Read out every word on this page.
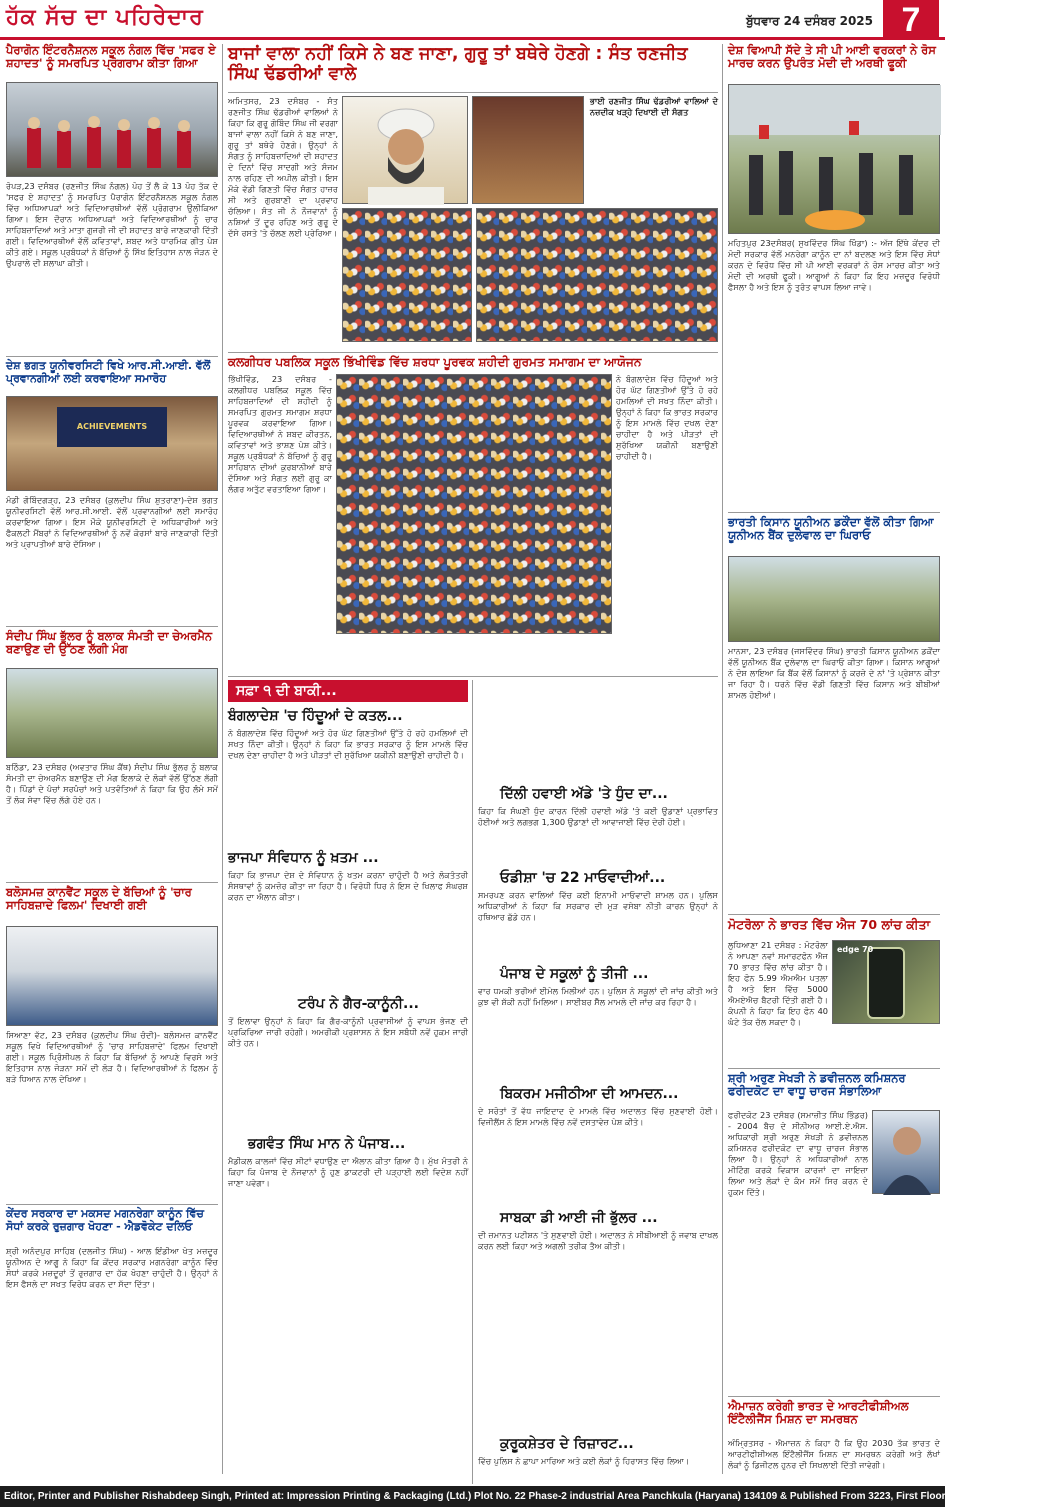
ਹੱਕ ਸੱਚ ਦਾ ਪਹਿਰੇਦਾਰ	ਬੁੱਧਵਾਰ 24 ਦਸੰਬਰ 2025 7
ਪੈਰਾਗੋਨ ਇੰਟਰਨੈਸ਼ਨਲ ਸਕੂਲ ਨੰਗਲ ਵਿੱਚ 'ਸਫਰ ਏ ਸ਼ਹਾਦਤ' ਨੂੰ ਸਮਰਪਿਤ ਪ੍ਰੋਗਰਾਮ ਕੀਤਾ ਗਿਆ
ਰੋਪੜ,23 ਦਸੰਬਰ (ਰਣਜੀਤ ਸਿੰਘ ਨੰਗਲ) ਪੋਹ ਤੋਂ ਲੈ ਕੇ 13 ਪੋਹ ਤੱਕ ਦੇ 'ਸਫਰ ਏ ਸ਼ਹਾਦਤ' ਨੂੰ ਸਮਰਪਿਤ ਪੈਰਾਗੋਨ ਇੰਟਰਨੈਸ਼ਨਲ ਸਕੂਲ ਨੰਗਲ ਵਿੱਚ ਅਧਿਆਪਕਾਂ ਅਤੇ ਵਿਦਿਆਰਥੀਆਂ ਵੱਲੋਂ ਪ੍ਰੋਗਰਾਮ ਉਲੀਕਿਆ ਗਿਆ। ਇਸ ਦੌਰਾਨ ਅਧਿਆਪਕਾਂ ਅਤੇ ਵਿਦਿਆਰਥੀਆਂ ਨੂੰ ਚਾਰ ਸਾਹਿਬਜ਼ਾਦਿਆਂ ਅਤੇ ਮਾਤਾ ਗੁਜਰੀ ਜੀ ਦੀ ਸ਼ਹਾਦਤ ਬਾਰੇ ਜਾਣਕਾਰੀ ਦਿੱਤੀ ਗਈ। ਵਿਦਿਆਰਥੀਆਂ ਵੱਲੋਂ ਕਵਿਤਾਵਾਂ, ਸ਼ਬਦ ਅਤੇ ਧਾਰਮਿਕ ਗੀਤ ਪੇਸ਼ ਕੀਤੇ ਗਏ। ਸਕੂਲ ਪ੍ਰਬੰਧਕਾਂ ਨੇ ਬੱਚਿਆਂ ਨੂੰ ਸਿੱਖ ਇਤਿਹਾਸ ਨਾਲ ਜੋੜਨ ਦੇ ਉਪਰਾਲੇ ਦੀ ਸ਼ਲਾਘਾ ਕੀਤੀ।
ਦੇਸ਼ ਭਗਤ ਯੂਨੀਵਰਸਿਟੀ ਵਿਖੇ ਆਰ.ਸੀ.ਆਈ. ਵੱਲੋਂ ਪ੍ਰਵਾਨਗੀਆਂ ਲਈ ਕਰਵਾਇਆ ਸਮਾਰੋਹ
ACHIEVEMENTS
ਮੰਡੀ ਗੋਬਿੰਦਗੜ੍ਹ, 23 ਦਸੰਬਰ (ਕੁਲਦੀਪ ਸਿੰਘ ਸ਼ੁਤਰਾਣਾ)-ਦੇਸ਼ ਭਗਤ ਯੂਨੀਵਰਸਿਟੀ ਵੱਲੋਂ ਆਰ.ਸੀ.ਆਈ. ਵੱਲੋਂ ਪ੍ਰਵਾਨਗੀਆਂ ਲਈ ਸਮਾਰੋਹ ਕਰਵਾਇਆ ਗਿਆ। ਇਸ ਮੌਕੇ ਯੂਨੀਵਰਸਿਟੀ ਦੇ ਅਧਿਕਾਰੀਆਂ ਅਤੇ ਫੈਕਲਟੀ ਮੈਂਬਰਾਂ ਨੇ ਵਿਦਿਆਰਥੀਆਂ ਨੂੰ ਨਵੇਂ ਕੋਰਸਾਂ ਬਾਰੇ ਜਾਣਕਾਰੀ ਦਿੱਤੀ ਅਤੇ ਪ੍ਰਾਪਤੀਆਂ ਬਾਰੇ ਦੱਸਿਆ।
ਸੰਦੀਪ ਸਿੰਘ ਭੁੱਲਰ ਨੂੰ ਬਲਾਕ ਸੰਮਤੀ ਦਾ ਚੇਅਰਮੈਨ ਬਣਾਉਣ ਦੀ ਉੱਠਣ ਲੱਗੀ ਮੰਗ
ਬਠਿੰਡਾ, 23 ਦਸੰਬਰ (ਅਵਤਾਰ ਸਿੰਘ ਕੈਂਥ) ਸੰਦੀਪ ਸਿੰਘ ਭੁੱਲਰ ਨੂੰ ਬਲਾਕ ਸੰਮਤੀ ਦਾ ਚੇਅਰਮੈਨ ਬਣਾਉਣ ਦੀ ਮੰਗ ਇਲਾਕੇ ਦੇ ਲੋਕਾਂ ਵੱਲੋਂ ਉੱਠਣ ਲੱਗੀ ਹੈ। ਪਿੰਡਾਂ ਦੇ ਪੰਚਾਂ ਸਰਪੰਚਾਂ ਅਤੇ ਪਤਵੰਤਿਆਂ ਨੇ ਕਿਹਾ ਕਿ ਉਹ ਲੰਮੇ ਸਮੇਂ ਤੋਂ ਲੋਕ ਸੇਵਾ ਵਿੱਚ ਲੱਗੇ ਹੋਏ ਹਨ।
ਬਲੋਸਮਜ਼ ਕਾਨਵੈਂਟ ਸਕੂਲ ਦੇ ਬੱਚਿਆਂ ਨੂੰ 'ਚਾਰ ਸਾਹਿਬਜ਼ਾਦੇ ਫਿਲਮ' ਦਿਖਾਈ ਗਈ
ਸਿਆਣਾ ਵੱਟ, 23 ਦਸੰਬਰ (ਕੁਲਦੀਪ ਸਿੰਘ ਚੰਦੀ)- ਬਲੋਸਮਜ਼ ਕਾਨਵੈਂਟ ਸਕੂਲ ਵਿਖੇ ਵਿਦਿਆਰਥੀਆਂ ਨੂੰ 'ਚਾਰ ਸਾਹਿਬਜ਼ਾਦੇ' ਫਿਲਮ ਦਿਖਾਈ ਗਈ। ਸਕੂਲ ਪ੍ਰਿੰਸੀਪਲ ਨੇ ਕਿਹਾ ਕਿ ਬੱਚਿਆਂ ਨੂੰ ਆਪਣੇ ਵਿਰਸੇ ਅਤੇ ਇਤਿਹਾਸ ਨਾਲ ਜੋੜਨਾ ਸਮੇਂ ਦੀ ਲੋੜ ਹੈ। ਵਿਦਿਆਰਥੀਆਂ ਨੇ ਫਿਲਮ ਨੂੰ ਬੜੇ ਧਿਆਨ ਨਾਲ ਦੇਖਿਆ।
ਕੇਂਦਰ ਸਰਕਾਰ ਦਾ ਮਕਸਦ ਮਗਨਰੇਗਾ ਕਾਨੂੰਨ ਵਿੱਚ ਸੋਧਾਂ ਕਰਕੇ ਰੁਜ਼ਗਾਰ ਖੋਹਣਾ - ਐਡਵੋਕੇਟ ਦਲਿਓ
ਸ਼੍ਰੀ ਅਨੰਦਪੁਰ ਸਾਹਿਬ (ਦਲਜੀਤ ਸਿੰਘ) - ਆਲ ਇੰਡੀਆ ਖੇਤ ਮਜ਼ਦੂਰ ਯੂਨੀਅਨ ਦੇ ਆਗੂ ਨੇ ਕਿਹਾ ਕਿ ਕੇਂਦਰ ਸਰਕਾਰ ਮਗਨਰੇਗਾ ਕਾਨੂੰਨ ਵਿੱਚ ਸੋਧਾਂ ਕਰਕੇ ਮਜ਼ਦੂਰਾਂ ਤੋਂ ਰੁਜ਼ਗਾਰ ਦਾ ਹੱਕ ਖੋਹਣਾ ਚਾਹੁੰਦੀ ਹੈ। ਉਨ੍ਹਾਂ ਨੇ ਇਸ ਫੈਸਲੇ ਦਾ ਸਖਤ ਵਿਰੋਧ ਕਰਨ ਦਾ ਸੱਦਾ ਦਿੱਤਾ।
ਬਾਜਾਂ ਵਾਲਾ ਨਹੀਂ ਕਿਸੇ ਨੇ ਬਣ ਜਾਣਾ, ਗੁਰੂ ਤਾਂ ਬਥੇਰੇ ਹੋਣਗੇ : ਸੰਤ ਰਣਜੀਤ ਸਿੰਘ ਢੱਡਰੀਆਂ ਵਾਲੇ
ਅਮਿਤਸਰ, 23 ਦਸੰਬਰ - ਸੰਤ ਰਣਜੀਤ ਸਿੰਘ ਢੱਡਰੀਆਂ ਵਾਲਿਆਂ ਨੇ ਕਿਹਾ ਕਿ ਗੁਰੂ ਗੋਬਿੰਦ ਸਿੰਘ ਜੀ ਵਰਗਾ ਬਾਜਾਂ ਵਾਲਾ ਨਹੀਂ ਕਿਸੇ ਨੇ ਬਣ ਜਾਣਾ, ਗੁਰੂ ਤਾਂ ਬਥੇਰੇ ਹੋਣਗੇ। ਉਨ੍ਹਾਂ ਨੇ ਸੰਗਤ ਨੂੰ ਸਾਹਿਬਜ਼ਾਦਿਆਂ ਦੀ ਸ਼ਹਾਦਤ ਦੇ ਦਿਨਾਂ ਵਿੱਚ ਸਾਦਗੀ ਅਤੇ ਸੰਜਮ ਨਾਲ ਰਹਿਣ ਦੀ ਅਪੀਲ ਕੀਤੀ। ਇਸ ਮੌਕੇ ਵੱਡੀ ਗਿਣਤੀ ਵਿੱਚ ਸੰਗਤ ਹਾਜ਼ਰ ਸੀ ਅਤੇ ਗੁਰਬਾਣੀ ਦਾ ਪ੍ਰਵਾਹ ਚੱਲਿਆ। ਸੰਤ ਜੀ ਨੇ ਨੌਜਵਾਨਾਂ ਨੂੰ ਨਸ਼ਿਆਂ ਤੋਂ ਦੂਰ ਰਹਿਣ ਅਤੇ ਗੁਰੂ ਦੇ ਦੱਸੇ ਰਸਤੇ 'ਤੇ ਚੱਲਣ ਲਈ ਪ੍ਰੇਰਿਆ।
ਭਾਈ ਰਣਜੀਤ ਸਿੰਘ ਢੱਡਰੀਆਂ ਵਾਲਿਆਂ ਦੇ ਨਜ਼ਦੀਕ ਖੜ੍ਹੇ ਦਿਖਾਈ ਦੀ ਸੰਗਤ
ਕਲਗੀਧਰ ਪਬਲਿਕ ਸਕੂਲ ਭਿੱਖੀਵਿੰਡ ਵਿੱਚ ਸ਼ਰਧਾ ਪੂਰਵਕ ਸ਼ਹੀਦੀ ਗੁਰਮਤ ਸਮਾਗਮ ਦਾ ਆਯੋਜਨ
ਭਿੱਖੀਵਿੰਡ, 23 ਦਸੰਬਰ - ਕਲਗੀਧਰ ਪਬਲਿਕ ਸਕੂਲ ਵਿੱਚ ਸਾਹਿਬਜ਼ਾਦਿਆਂ ਦੀ ਸ਼ਹੀਦੀ ਨੂੰ ਸਮਰਪਿਤ ਗੁਰਮਤ ਸਮਾਗਮ ਸ਼ਰਧਾ ਪੂਰਵਕ ਕਰਵਾਇਆ ਗਿਆ। ਵਿਦਿਆਰਥੀਆਂ ਨੇ ਸ਼ਬਦ ਕੀਰਤਨ, ਕਵਿਤਾਵਾਂ ਅਤੇ ਭਾਸ਼ਣ ਪੇਸ਼ ਕੀਤੇ। ਸਕੂਲ ਪ੍ਰਬੰਧਕਾਂ ਨੇ ਬੱਚਿਆਂ ਨੂੰ ਗੁਰੂ ਸਾਹਿਬਾਨ ਦੀਆਂ ਕੁਰਬਾਨੀਆਂ ਬਾਰੇ ਦੱਸਿਆ ਅਤੇ ਸੰਗਤ ਲਈ ਗੁਰੂ ਕਾ ਲੰਗਰ ਅਤੁੱਟ ਵਰਤਾਇਆ ਗਿਆ।
ਨੇ ਬੰਗਲਾਦੇਸ਼ ਵਿੱਚ ਹਿੰਦੂਆਂ ਅਤੇ ਹੋਰ ਘੱਟ ਗਿਣਤੀਆਂ ਉੱਤੇ ਹੋ ਰਹੇ ਹਮਲਿਆਂ ਦੀ ਸਖਤ ਨਿੰਦਾ ਕੀਤੀ। ਉਨ੍ਹਾਂ ਨੇ ਕਿਹਾ ਕਿ ਭਾਰਤ ਸਰਕਾਰ ਨੂੰ ਇਸ ਮਾਮਲੇ ਵਿੱਚ ਦਖਲ ਦੇਣਾ ਚਾਹੀਦਾ ਹੈ ਅਤੇ ਪੀੜਤਾਂ ਦੀ ਸੁਰੱਖਿਆ ਯਕੀਨੀ ਬਣਾਉਣੀ ਚਾਹੀਦੀ ਹੈ।
ਸਫ਼ਾ ੧ ਦੀ ਬਾਕੀ...
ਬੰਗਲਾਦੇਸ਼ 'ਚ ਹਿੰਦੂਆਂ ਦੇ ਕਤਲ...
ਨੇ ਬੰਗਲਾਦੇਸ਼ ਵਿੱਚ ਹਿੰਦੂਆਂ ਅਤੇ ਹੋਰ ਘੱਟ ਗਿਣਤੀਆਂ ਉੱਤੇ ਹੋ ਰਹੇ ਹਮਲਿਆਂ ਦੀ ਸਖਤ ਨਿੰਦਾ ਕੀਤੀ। ਉਨ੍ਹਾਂ ਨੇ ਕਿਹਾ ਕਿ ਭਾਰਤ ਸਰਕਾਰ ਨੂੰ ਇਸ ਮਾਮਲੇ ਵਿੱਚ ਦਖਲ ਦੇਣਾ ਚਾਹੀਦਾ ਹੈ ਅਤੇ ਪੀੜਤਾਂ ਦੀ ਸੁਰੱਖਿਆ ਯਕੀਨੀ ਬਣਾਉਣੀ ਚਾਹੀਦੀ ਹੈ।
ਭਾਜਪਾ ਸੰਵਿਧਾਨ ਨੂੰ ਖ਼ਤਮ ...
ਕਿਹਾ ਕਿ ਭਾਜਪਾ ਦੇਸ਼ ਦੇ ਸੰਵਿਧਾਨ ਨੂੰ ਖਤਮ ਕਰਨਾ ਚਾਹੁੰਦੀ ਹੈ ਅਤੇ ਲੋਕਤੰਤਰੀ ਸੰਸਥਾਵਾਂ ਨੂੰ ਕਮਜ਼ੋਰ ਕੀਤਾ ਜਾ ਰਿਹਾ ਹੈ। ਵਿਰੋਧੀ ਧਿਰ ਨੇ ਇਸ ਦੇ ਖਿਲਾਫ ਸੰਘਰਸ਼ ਕਰਨ ਦਾ ਐਲਾਨ ਕੀਤਾ।
ਟਰੰਪ ਨੇ ਗੈਰ-ਕਾਨੂੰਨੀ...
ਤੋਂ ਇਲਾਵਾ ਉਨ੍ਹਾਂ ਨੇ ਕਿਹਾ ਕਿ ਗੈਰ-ਕਾਨੂੰਨੀ ਪ੍ਰਵਾਸੀਆਂ ਨੂੰ ਵਾਪਸ ਭੇਜਣ ਦੀ ਪ੍ਰਕਿਰਿਆ ਜਾਰੀ ਰਹੇਗੀ। ਅਮਰੀਕੀ ਪ੍ਰਸ਼ਾਸਨ ਨੇ ਇਸ ਸਬੰਧੀ ਨਵੇਂ ਹੁਕਮ ਜਾਰੀ ਕੀਤੇ ਹਨ।
ਭਗਵੰਤ ਸਿੰਘ ਮਾਨ ਨੇ ਪੰਜਾਬ...
ਮੈਡੀਕਲ ਕਾਲਜਾਂ ਵਿੱਚ ਸੀਟਾਂ ਵਧਾਉਣ ਦਾ ਐਲਾਨ ਕੀਤਾ ਗਿਆ ਹੈ। ਮੁੱਖ ਮੰਤਰੀ ਨੇ ਕਿਹਾ ਕਿ ਪੰਜਾਬ ਦੇ ਨੌਜਵਾਨਾਂ ਨੂੰ ਹੁਣ ਡਾਕਟਰੀ ਦੀ ਪੜ੍ਹਾਈ ਲਈ ਵਿਦੇਸ਼ ਨਹੀਂ ਜਾਣਾ ਪਵੇਗਾ।
ਦਿੱਲੀ ਹਵਾਈ ਅੱਡੇ 'ਤੇ ਧੁੰਦ ਦਾ...
ਕਿਹਾ ਕਿ ਸੰਘਣੀ ਧੁੰਦ ਕਾਰਨ ਦਿੱਲੀ ਹਵਾਈ ਅੱਡੇ 'ਤੇ ਕਈ ਉਡਾਣਾਂ ਪ੍ਰਭਾਵਿਤ ਹੋਈਆਂ ਅਤੇ ਲਗਭਗ 1,300 ਉਡਾਣਾਂ ਦੀ ਆਵਾਜਾਈ ਵਿੱਚ ਦੇਰੀ ਹੋਈ।
ਓਡੀਸ਼ਾ 'ਚ 22 ਮਾਓਵਾਦੀਆਂ...
ਸਮਰਪਣ ਕਰਨ ਵਾਲਿਆਂ ਵਿੱਚ ਕਈ ਇਨਾਮੀ ਮਾਓਵਾਦੀ ਸ਼ਾਮਲ ਹਨ। ਪੁਲਿਸ ਅਧਿਕਾਰੀਆਂ ਨੇ ਕਿਹਾ ਕਿ ਸਰਕਾਰ ਦੀ ਮੁੜ ਵਸੇਬਾ ਨੀਤੀ ਕਾਰਨ ਉਨ੍ਹਾਂ ਨੇ ਹਥਿਆਰ ਛੱਡੇ ਹਨ।
ਪੰਜਾਬ ਦੇ ਸਕੂਲਾਂ ਨੂੰ ਤੀਜੀ ...
ਵਾਰ ਧਮਕੀ ਭਰੀਆਂ ਈਮੇਲ ਮਿਲੀਆਂ ਹਨ। ਪੁਲਿਸ ਨੇ ਸਕੂਲਾਂ ਦੀ ਜਾਂਚ ਕੀਤੀ ਅਤੇ ਕੁਝ ਵੀ ਸ਼ੱਕੀ ਨਹੀਂ ਮਿਲਿਆ। ਸਾਈਬਰ ਸੈੱਲ ਮਾਮਲੇ ਦੀ ਜਾਂਚ ਕਰ ਰਿਹਾ ਹੈ।
ਬਿਕਰਮ ਮਜੀਠੀਆ ਦੀ ਆਮਦਨ...
ਦੇ ਸਰੋਤਾਂ ਤੋਂ ਵੱਧ ਜਾਇਦਾਦ ਦੇ ਮਾਮਲੇ ਵਿੱਚ ਅਦਾਲਤ ਵਿੱਚ ਸੁਣਵਾਈ ਹੋਈ। ਵਿਜੀਲੈਂਸ ਨੇ ਇਸ ਮਾਮਲੇ ਵਿੱਚ ਨਵੇਂ ਦਸਤਾਵੇਜ਼ ਪੇਸ਼ ਕੀਤੇ।
ਸਾਬਕਾ ਡੀ ਆਈ ਜੀ ਭੁੱਲਰ ...
ਦੀ ਜ਼ਮਾਨਤ ਪਟੀਸ਼ਨ 'ਤੇ ਸੁਣਵਾਈ ਹੋਈ। ਅਦਾਲਤ ਨੇ ਸੀਬੀਆਈ ਨੂੰ ਜਵਾਬ ਦਾਖਲ ਕਰਨ ਲਈ ਕਿਹਾ ਅਤੇ ਅਗਲੀ ਤਰੀਕ ਤੈਅ ਕੀਤੀ।
ਕੁਰੂਕਸ਼ੇਤਰ ਦੇ ਰਿਜ਼ਾਰਟ...
ਵਿੱਚ ਪੁਲਿਸ ਨੇ ਛਾਪਾ ਮਾਰਿਆ ਅਤੇ ਕਈ ਲੋਕਾਂ ਨੂੰ ਹਿਰਾਸਤ ਵਿੱਚ ਲਿਆ।
ਦੇਸ਼ ਵਿਆਪੀ ਸੱਦੇ ਤੇ ਸੀ ਪੀ ਆਈ ਵਰਕਰਾਂ ਨੇ ਰੋਸ ਮਾਰਚ ਕਰਨ ਉਪਰੰਤ ਮੋਦੀ ਦੀ ਅਰਥੀ ਫੂਕੀ
ਮਹਿਤਪੁਰ 23ਦਸੰਬਰ( ਸੁਖਵਿੰਦਰ ਸਿੰਘ ਖਿੰਡਾ) :- ਅੱਜ ਇੱਥੇ ਕੇਂਦਰ ਦੀ ਮੋਦੀ ਸਰਕਾਰ ਵੱਲੋਂ ਮਨਰੇਗਾ ਕਾਨੂੰਨ ਦਾ ਨਾਂ ਬਦਲਣ ਅਤੇ ਇਸ ਵਿੱਚ ਸੋਧਾਂ ਕਰਨ ਦੇ ਵਿਰੋਧ ਵਿੱਚ ਸੀ ਪੀ ਆਈ ਵਰਕਰਾਂ ਨੇ ਰੋਸ ਮਾਰਚ ਕੀਤਾ ਅਤੇ ਮੋਦੀ ਦੀ ਅਰਥੀ ਫੂਕੀ। ਆਗੂਆਂ ਨੇ ਕਿਹਾ ਕਿ ਇਹ ਮਜ਼ਦੂਰ ਵਿਰੋਧੀ ਫੈਸਲਾ ਹੈ ਅਤੇ ਇਸ ਨੂੰ ਤੁਰੰਤ ਵਾਪਸ ਲਿਆ ਜਾਵੇ।
ਭਾਰਤੀ ਕਿਸਾਨ ਯੂਨੀਅਨ ਡਕੌਂਦਾ ਵੱਲੋਂ ਕੀਤਾ ਗਿਆ ਯੂਨੀਅਨ ਬੈਂਕ ਦੁਲੇਵਾਲ ਦਾ ਘਿਰਾਓ
ਮਾਨਸਾ, 23 ਦਸੰਬਰ (ਜਸਵਿੰਦਰ ਸਿੰਘ) ਭਾਰਤੀ ਕਿਸਾਨ ਯੂਨੀਅਨ ਡਕੌਂਦਾ ਵੱਲੋਂ ਯੂਨੀਅਨ ਬੈਂਕ ਦੁਲੇਵਾਲ ਦਾ ਘਿਰਾਓ ਕੀਤਾ ਗਿਆ। ਕਿਸਾਨ ਆਗੂਆਂ ਨੇ ਦੋਸ਼ ਲਾਇਆ ਕਿ ਬੈਂਕ ਵੱਲੋਂ ਕਿਸਾਨਾਂ ਨੂੰ ਕਰਜ਼ੇ ਦੇ ਨਾਂ 'ਤੇ ਪ੍ਰੇਸ਼ਾਨ ਕੀਤਾ ਜਾ ਰਿਹਾ ਹੈ। ਧਰਨੇ ਵਿੱਚ ਵੱਡੀ ਗਿਣਤੀ ਵਿੱਚ ਕਿਸਾਨ ਅਤੇ ਬੀਬੀਆਂ ਸ਼ਾਮਲ ਹੋਈਆਂ।
ਮੋਟਰੋਲਾ ਨੇ ਭਾਰਤ ਵਿੱਚ ਐਜ 70 ਲਾਂਚ ਕੀਤਾ
ਲੁਧਿਆਣਾ 21 ਦਸੰਬਰ : ਮੋਟਰੋਲਾ ਨੇ ਆਪਣਾ ਨਵਾਂ ਸਮਾਰਟਫੋਨ ਐਜ 70 ਭਾਰਤ ਵਿੱਚ ਲਾਂਚ ਕੀਤਾ ਹੈ। ਇਹ ਫੋਨ 5.99 ਐਮਐਮ ਪਤਲਾ ਹੈ ਅਤੇ ਇਸ ਵਿੱਚ 5000 ਐਮਏਐਚ ਬੈਟਰੀ ਦਿੱਤੀ ਗਈ ਹੈ। ਕੰਪਨੀ ਨੇ ਕਿਹਾ ਕਿ ਇਹ ਫੋਨ 40 ਘੰਟੇ ਤੱਕ ਚੱਲ ਸਕਦਾ ਹੈ।
edge 70
ਸ਼੍ਰੀ ਅਰੁਣ ਸੇਖੜੀ ਨੇ ਡਵੀਜ਼ਨਲ ਕਮਿਸ਼ਨਰ ਫਰੀਦਕੋਟ ਦਾ ਵਾਧੂ ਚਾਰਜ ਸੰਭਾਲਿਆ
ਫਰੀਦਕੋਟ 23 ਦਸੰਬਰ (ਸਮਾਜ਼ੀਤ ਸਿੰਘ ਭਿੰਡਰ) - 2004 ਬੈਚ ਦੇ ਸੀਨੀਅਰ ਆਈ.ਏ.ਐਸ. ਅਧਿਕਾਰੀ ਸ਼੍ਰੀ ਅਰੁਣ ਸੇਖੜੀ ਨੇ ਡਵੀਜ਼ਨਲ ਕਮਿਸ਼ਨਰ ਫਰੀਦਕੋਟ ਦਾ ਵਾਧੂ ਚਾਰਜ ਸੰਭਾਲ ਲਿਆ ਹੈ। ਉਨ੍ਹਾਂ ਨੇ ਅਧਿਕਾਰੀਆਂ ਨਾਲ ਮੀਟਿੰਗ ਕਰਕੇ ਵਿਕਾਸ ਕਾਰਜਾਂ ਦਾ ਜਾਇਜ਼ਾ ਲਿਆ ਅਤੇ ਲੋਕਾਂ ਦੇ ਕੰਮ ਸਮੇਂ ਸਿਰ ਕਰਨ ਦੇ ਹੁਕਮ ਦਿੱਤੇ।
ਐਮਾਜ਼ਨ ਕਰੇਗੀ ਭਾਰਤ ਦੇ ਆਰਟੀਫੀਸ਼ੀਅਲ ਇੰਟੈਲੀਜੈਂਸ ਮਿਸ਼ਨ ਦਾ ਸਮਰਥਨ
ਅੰਮ੍ਰਿਤਸਰ - ਐਮਾਜ਼ਨ ਨੇ ਕਿਹਾ ਹੈ ਕਿ ਉਹ 2030 ਤੱਕ ਭਾਰਤ ਦੇ ਆਰਟੀਫੀਸ਼ੀਅਲ ਇੰਟੈਲੀਜੈਂਸ ਮਿਸ਼ਨ ਦਾ ਸਮਰਥਨ ਕਰੇਗੀ ਅਤੇ ਲੱਖਾਂ ਲੋਕਾਂ ਨੂੰ ਡਿਜੀਟਲ ਹੁਨਰ ਦੀ ਸਿਖਲਾਈ ਦਿੱਤੀ ਜਾਵੇਗੀ।
Editor, Printer and Publisher Rishabdeep Singh, Printed at: Impression Printing & Packaging (Ltd.) Plot No. 22 Phase-2 industrial Area Panchkula (Haryana) 134109 & Published From 3223, First Floor, Sector-35D, Chandigarh
